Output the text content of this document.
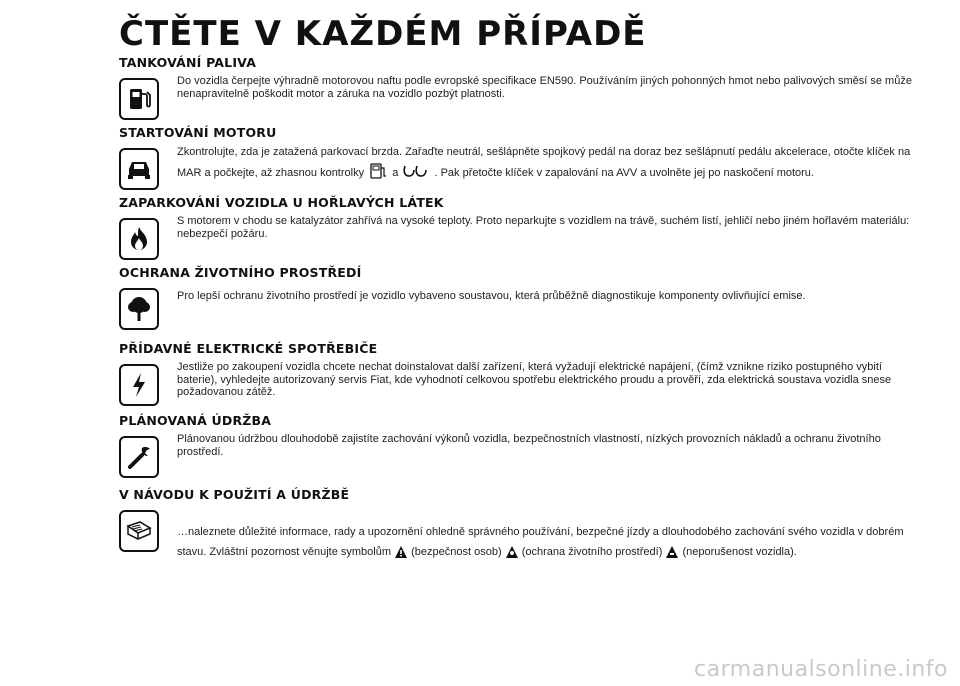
ČTĚTE V KAŽDÉM PŘÍPADĚ
TANKOVÁNÍ PALIVA
Do vozidla čerpejte výhradně motorovou naftu podle evropské specifikace EN590. Používáním jiných pohonných hmot nebo palivových směsí se může nenapravitelně poškodit motor a záruka na vozidlo pozbýt platnosti.
STARTOVÁNÍ MOTORU
Zkontrolujte, zda je zatažená parkovací brzda. Zařaďte neutrál, sešlápněte spojkový pedál na doraz bez sešlápnutí pedálu akcelerace, otočte klíček na MAR a počkejte, až zhasnou kontrolky	a	. Pak přetočte klíček v zapalování na AVV a uvolněte jej po naskočení motoru.
ZAPARKOVÁNÍ VOZIDLA U HOŘLAVÝCH LÁTEK
S motorem v chodu se katalyzátor zahřívá na vysoké teploty. Proto neparkujte s vozidlem na trávě, suchém listí, jehličí nebo jiném hořlavém materiálu: nebezpečí požáru.
OCHRANA ŽIVOTNÍHO PROSTŘEDÍ
Pro lepší ochranu životního prostředí je vozidlo vybaveno soustavou, která průběžně diagnostikuje komponenty ovlivňující emise.
PŘÍDAVNÉ ELEKTRICKÉ SPOTŘEBIČE
Jestliže po zakoupení vozidla chcete nechat doinstalovat další zařízení, která vyžadují elektrické napájení, (čímž vznikne riziko postupného vybití baterie), vyhledejte autorizovaný servis Fiat, kde vyhodnotí celkovou spotřebu elektrického proudu a prověří, zda elektrická soustava vozidla snese požadovanou zátěž.
PLÁNOVANÁ ÚDRŽBA
Plánovanou údržbou dlouhodobě zajistíte zachování výkonů vozidla, bezpečnostních vlastností, nízkých provozních nákladů a ochranu životního prostředí.
V NÁVODU K POUŽITÍ A ÚDRŽBĚ
…naleznete důležité informace, rady a upozornění ohledně správného používání, bezpečné jízdy a dlouhodobého zachování svého vozidla v dobrém stavu. Zvláštní pozornost věnujte symbolům (bezpečnost osob) (ochrana životního prostředí) (neporušenost vozidla).
carmanualsonline.info
